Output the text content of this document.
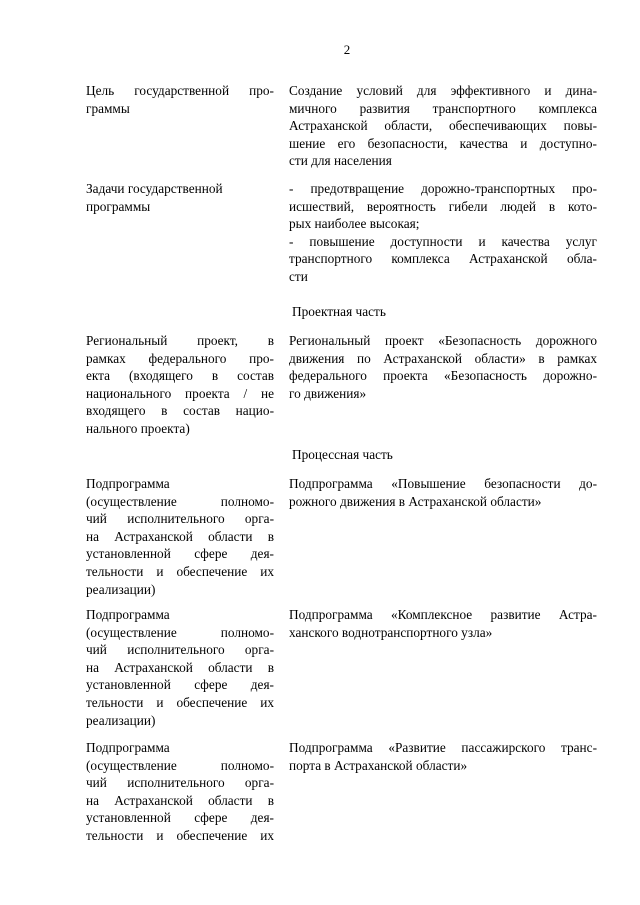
2
Цель государственной про-
граммы
Создание условий для эффективного и дина-
мичного развития транспортного комплекса
Астраханской области, обеспечивающих повы-
шение его безопасности, качества и доступно-
сти для населения
Задачи государственной
программы
- предотвращение дорожно-транспортных про-
исшествий, вероятность гибели людей в кото-
рых наиболее высокая;
- повышение доступности и качества услуг
транспортного комплекса Астраханской обла-
сти
Проектная часть
Региональный проект, в
рамках федерального про-
екта (входящего в состав
национального проекта / не
входящего в состав нацио-
нального проекта)
Региональный проект «Безопасность дорожного
движения по Астраханской области» в рамках
федерального проекта «Безопасность дорожно-
го движения»
Процессная часть
Подпрограмма
(осуществление полномо-
чий исполнительного орга-
на Астраханской области в
установленной сфере дея-
тельности и обеспечение их
реализации)
Подпрограмма «Повышение безопасности до-
рожного движения в Астраханской области»
Подпрограмма
(осуществление полномо-
чий исполнительного орга-
на Астраханской области в
установленной сфере дея-
тельности и обеспечение их
реализации)
Подпрограмма «Комплексное развитие Астра-
ханского воднотранспортного узла»
Подпрограмма
(осуществление полномо-
чий исполнительного орга-
на Астраханской области в
установленной сфере дея-
тельности и обеспечение их
Подпрограмма «Развитие пассажирского транс-
порта в Астраханской области»
